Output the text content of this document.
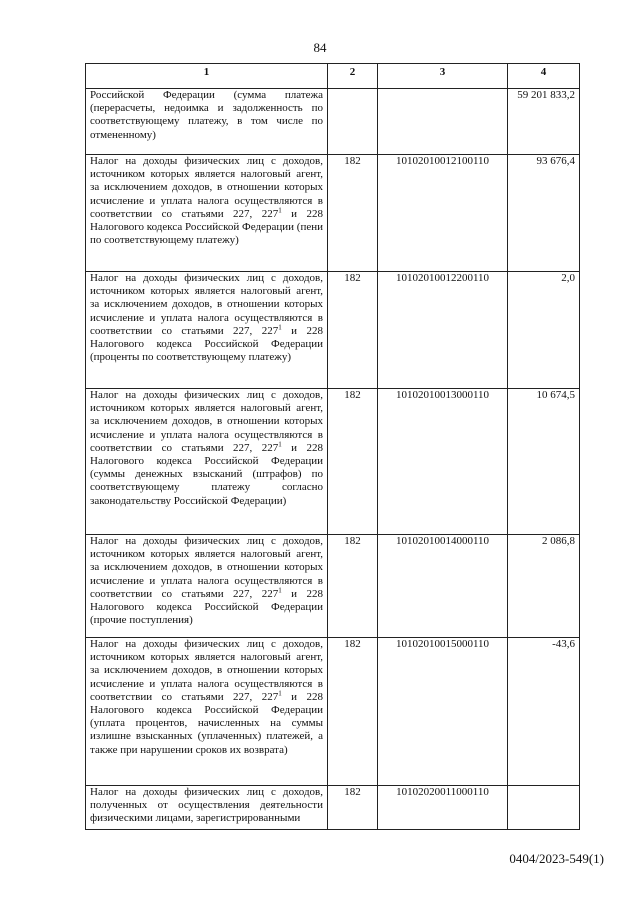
84
1	2	3	4
Российской Федерации (сумма платежа (перерасчеты, недоимка и задолженность по соответствующему платежу, в том числе по отмененному)			59 201 833,2
Налог на доходы физических лиц с доходов, источником которых является налоговый агент, за исключением доходов, в отношении которых исчисление и уплата налога осуществляются в соответствии со статьями 227, $227^1$ и 228 Налогового кодекса Российской Федерации (пени по соответствующему платежу)	182	10102010012100110	93 676,4
Налог на доходы физических лиц с доходов, источником которых является налоговый агент, за исключением доходов, в отношении которых исчисление и уплата налога осуществляются в соответствии со статьями 227, $227^1$ и 228 Налогового кодекса Российской Федерации (проценты по соответствующему платежу)	182	10102010012200110	2,0
Налог на доходы физических лиц с доходов, источником которых является налоговый агент, за исключением доходов, в отношении которых исчисление и уплата налога осуществляются в соответствии со статьями 227, $227^1$ и 228 Налогового кодекса Российской Федерации (суммы денежных взысканий (штрафов) по соответствующему платежу согласно законодательству Российской Федерации)	182	10102010013000110	10 674,5
Налог на доходы физических лиц с доходов, источником которых является налоговый агент, за исключением доходов, в отношении которых исчисление и уплата налога осуществляются в соответствии со статьями 227, $227^1$ и 228 Налогового кодекса Российской Федерации (прочие поступления)	182	10102010014000110	2 086,8
Налог на доходы физических лиц с доходов, источником которых является налоговый агент, за исключением доходов, в отношении которых исчисление и уплата налога осуществляются в соответствии со статьями 227, $227^1$ и 228 Налогового кодекса Российской Федерации (уплата процентов, начисленных на суммы излишне взысканных (уплаченных) платежей, а также при нарушении сроков их возврата)	182	10102010015000110	-43,6
Налог на доходы физических лиц с доходов, полученных от осуществления деятельности физическими лицами, зарегистрированными	182	10102020011000110	
0404/2023-549(1)
